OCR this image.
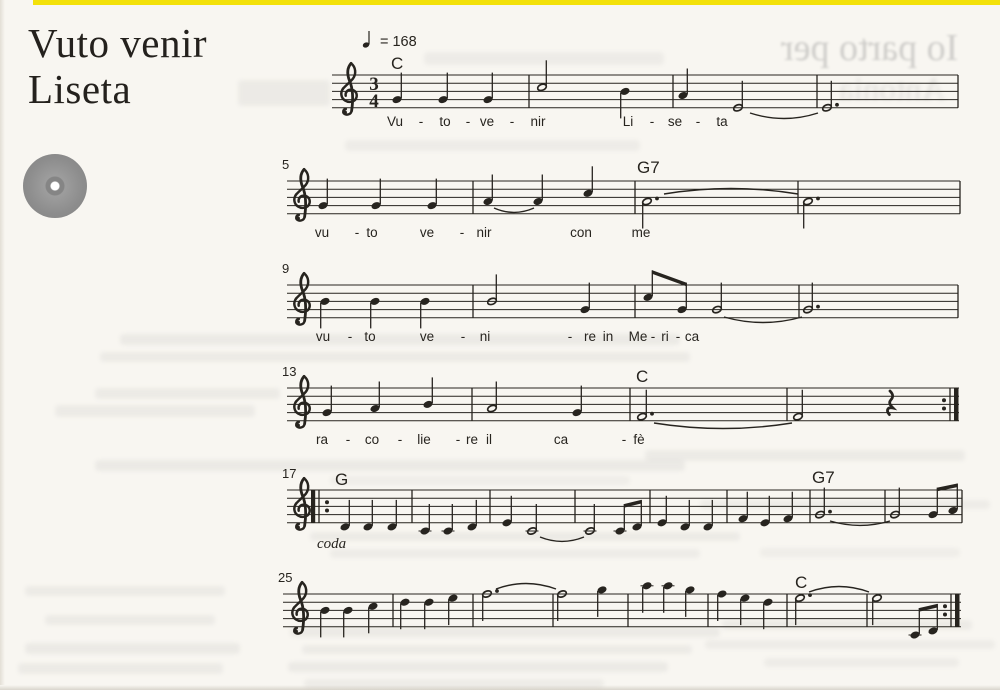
Io parto per
Antonia
Vuto venir
Liseta	3
4
= 168
C
Vu - to - ve - nir	Li - se - ta
5	G7
vu - to	ve - nir	con	me
9
vu - to	ve - ni	- re in Me - ri - ca
13	C
ra - co - lie - re il	ca	- fè
17 G	G7
coda
25	C
